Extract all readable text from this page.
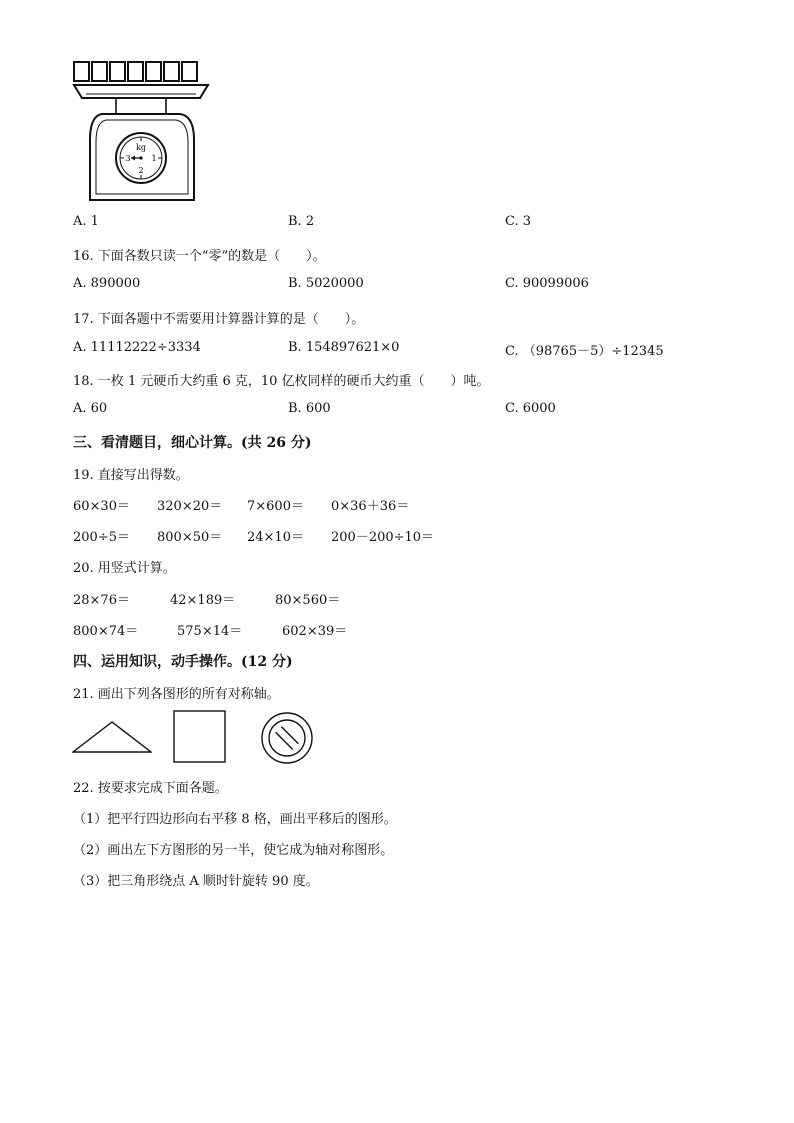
kg
3	1
2
A. 1	B. 2	C. 3
16. 下面各数只读一个“零”的数是（　　）。
A. 890000	B. 5020000	C. 90099006
17. 下面各题中不需要用计算器计算的是（　　）。
A. 11112222÷3334	B. 154897621×0	C. （98765－5）÷12345
18. 一枚 1 元硬币大约重 6 克，10 亿枚同样的硬币大约重（　　）吨。
A. 60	B. 600	C. 6000
三、看清题目，细心计算。(共 26 分)
19. 直接写出得数。
60×30＝ 320×20＝ 7×600＝ 0×36＋36＝
200÷5＝ 800×50＝ 24×10＝ 200－200÷10＝
20. 用竖式计算。
28×76＝	42×189＝	80×560＝
800×74＝	575×14＝	602×39＝
四、运用知识，动手操作。(12 分)
21. 画出下列各图形的所有对称轴。
22. 按要求完成下面各题。
（1）把平行四边形向右平移 8 格，画出平移后的图形。
（2）画出左下方图形的另一半，使它成为轴对称图形。
（3）把三角形绕点 A 顺时针旋转 90 度。
